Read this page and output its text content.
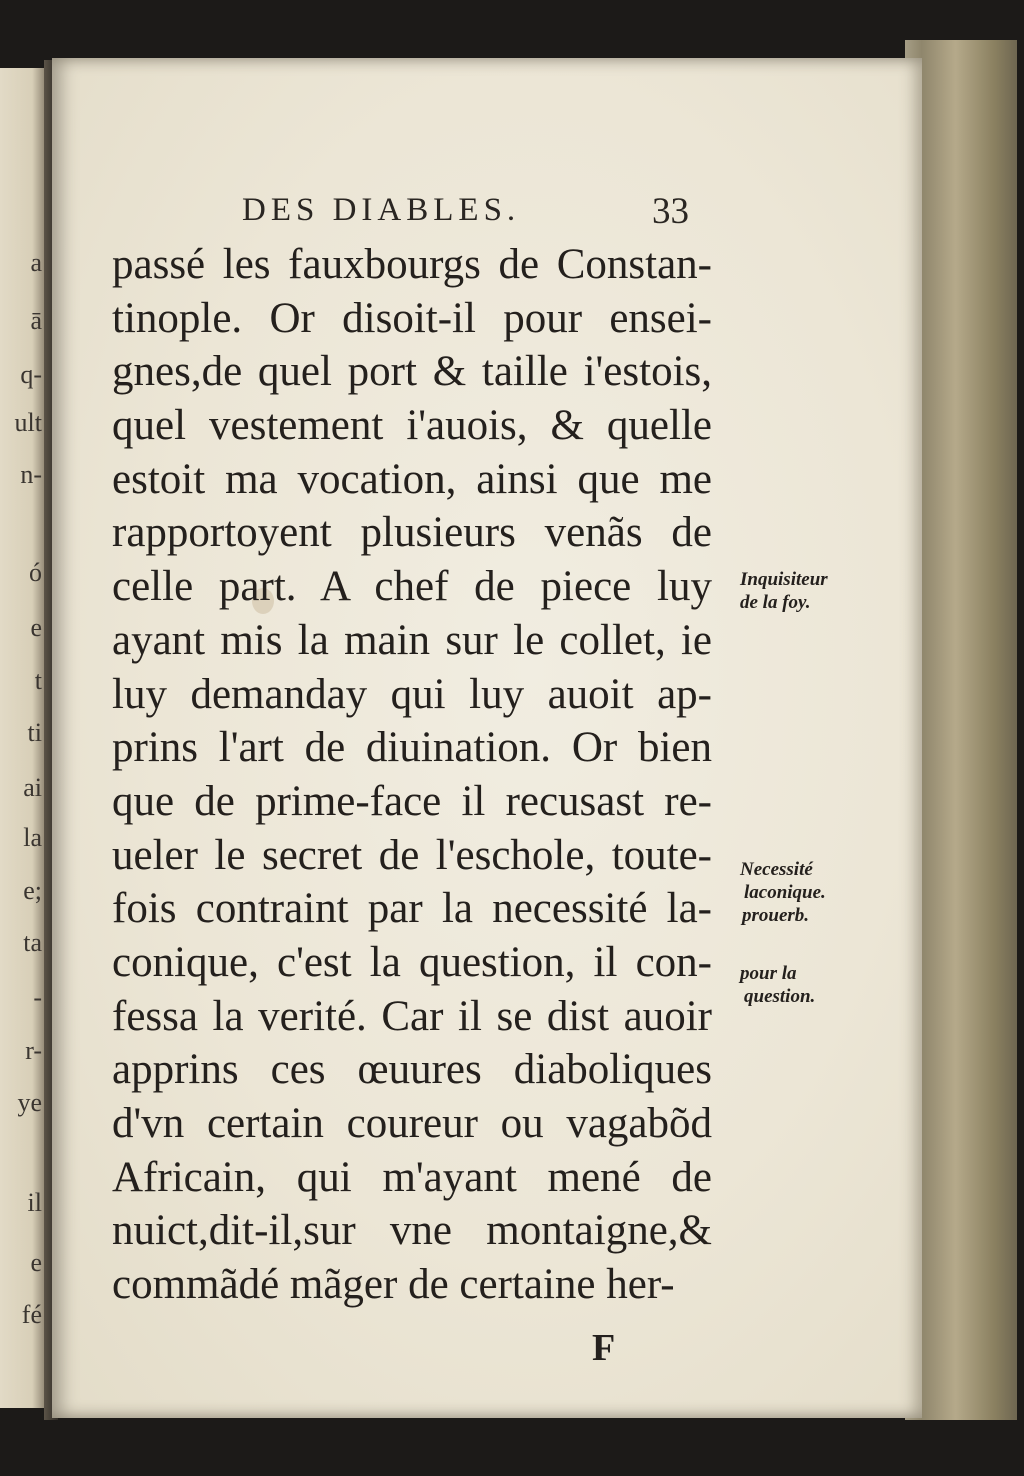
a
ā
q-
ult
n-
ó
e
t
ti
ai
la
e;
ta
-
r-
ye
il
e
fé
DES DIABLES.	33
passé les fauxbourgs de Constan-
tinople. Or disoit-il pour ensei-
gnes,de quel port & taille i'estois,
quel vestement i'auois, & quelle
estoit ma vocation, ainsi que me
rapportoyent plusieurs venãs de
celle part. A chef de piece luy
ayant mis la main sur le collet, ie
luy demanday qui luy auoit ap-
prins l'art de diuination. Or bien
que de prime-face il recusast re-
ueler le secret de l'eschole, toute-
fois contraint par la necessité la-
conique, c'est la question, il con-
fessa la verité. Car il se dist auoir
apprins ces œuures diaboliques
d'vn certain coureur ou vagabõd
Africain, qui m'ayant mené de
nuict,dit-il,sur vne montaigne,&
commãdé mãger de certaine her-
Inquisiteur
de la foy.
Necessité
laconique.
prouerb.
pour la
question.
F
